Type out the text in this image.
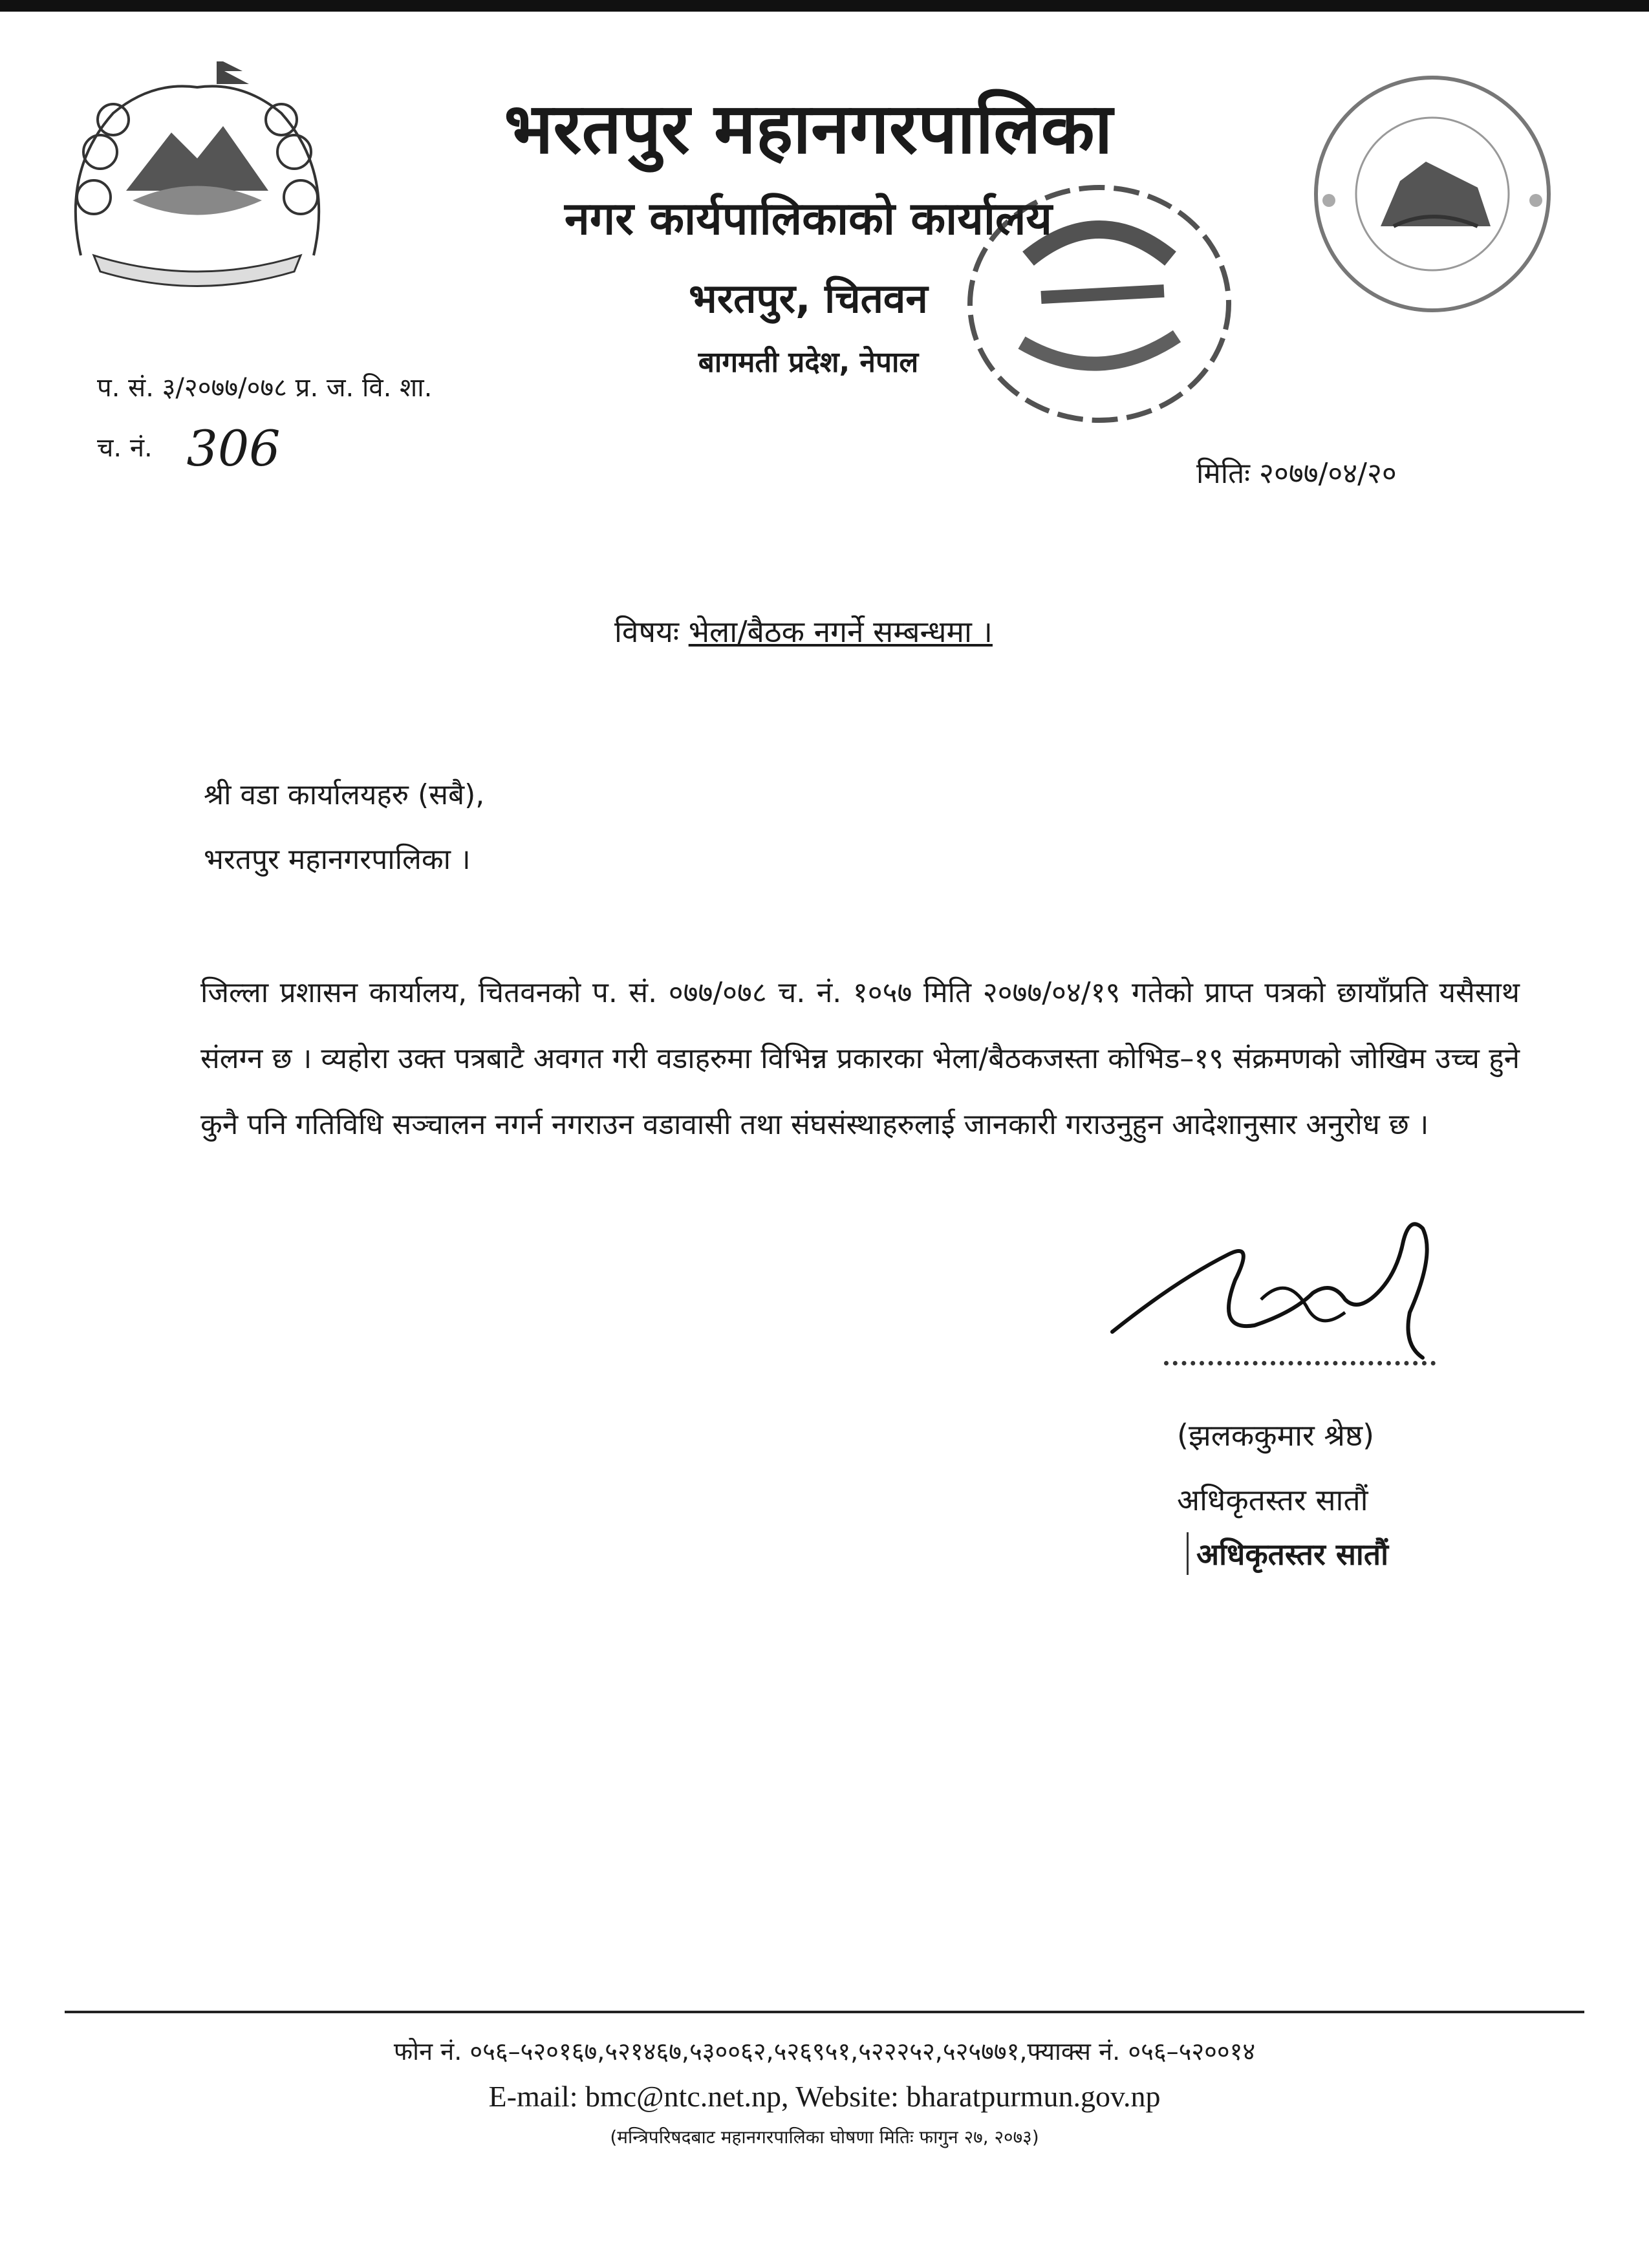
भरतपुर महानगरपालिका
नगर कार्यपालिकाको कार्यालय
भरतपुर, चितवन
बागमती प्रदेश, नेपाल
प. सं. ३/२०७७/०७८ प्र. ज. वि. शा.
च. नं. 306	मितिः २०७७/०४/२०
विषयः भेला/बैठक नगर्ने सम्बन्धमा ।
श्री वडा कार्यालयहरु (सबै),
भरतपुर महानगरपालिका ।
जिल्ला प्रशासन कार्यालय, चितवनको प. सं. ०७७/०७८ च. नं. १०५७ मिति २०७७/०४/१९ गतेको प्राप्त पत्रको छायाँप्रति यसैसाथ संलग्न छ । व्यहोरा उक्त पत्रबाटै अवगत गरी वडाहरुमा विभिन्न प्रकारका भेला/बैठकजस्ता कोभिड–१९ संक्रमणको जोखिम उच्च हुने कुनै पनि गतिविधि सञ्चालन नगर्न नगराउन वडावासी तथा संघसंस्थाहरुलाई जानकारी गराउनुहुन आदेशानुसार अनुरोध छ ।
(झलककुमार श्रेष्ठ)
अधिकृतस्तर सातौं
अधिकृतस्तर सातौं
फोन नं. ०५६–५२०१६७,५२१४६७,५३००६२,५२६९५१,५२२२५२,५२५७७१,फ्याक्स नं. ०५६–५२००१४
E-mail: bmc@ntc.net.np, Website: bharatpurmun.gov.np
(मन्त्रिपरिषदबाट महानगरपालिका घोषणा मितिः फागुन २७, २०७३)
